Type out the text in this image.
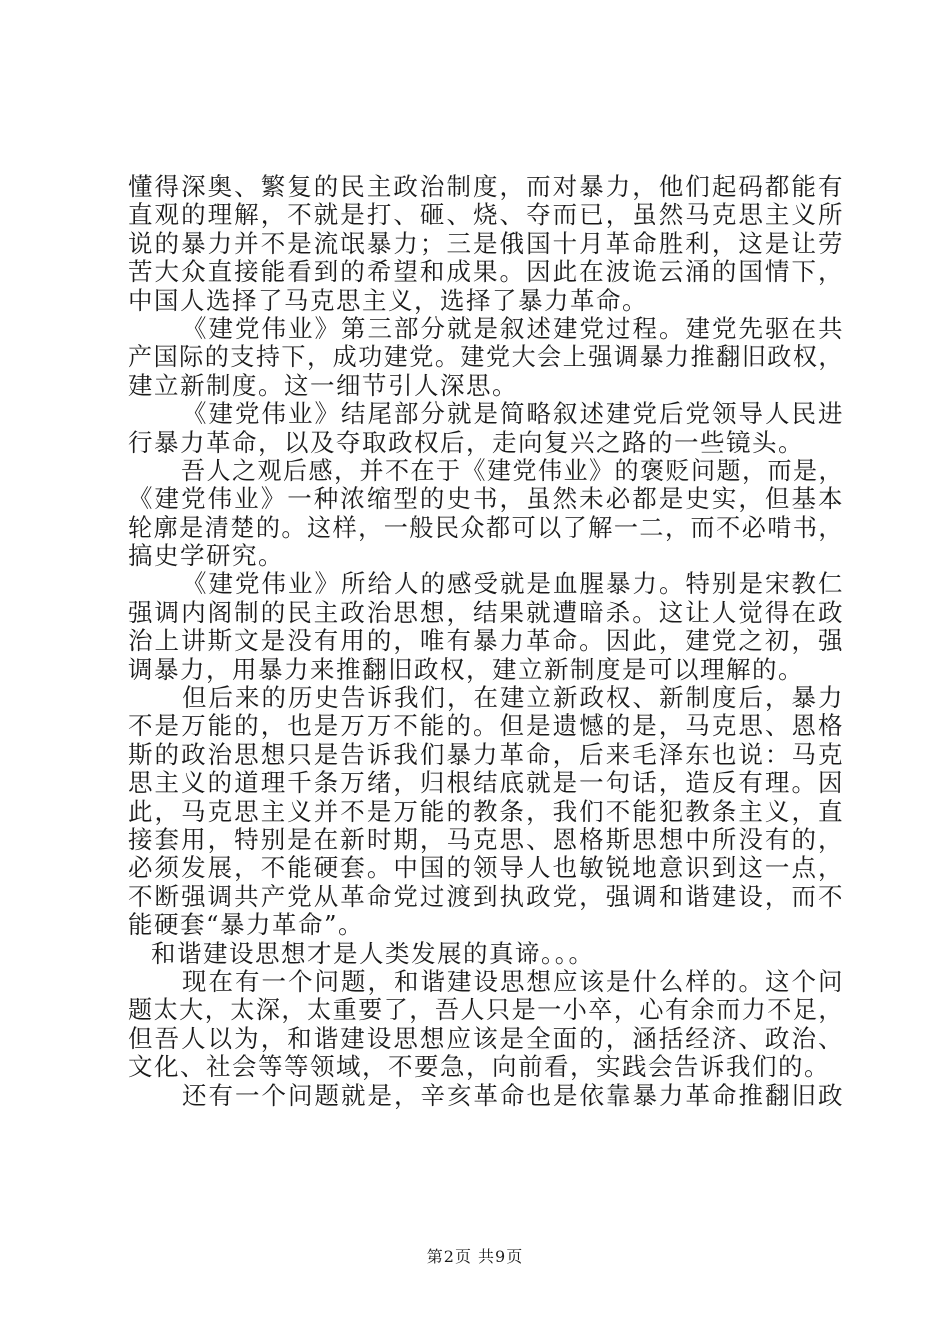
懂得深奥、繁复的民主政治制度，而对暴力，他们起码都能有
直观的理解，不就是打、砸、烧、夺而已，虽然马克思主义所
说的暴力并不是流氓暴力；三是俄国十月革命胜利，这是让劳
苦大众直接能看到的希望和成果。因此在波诡云涌的国情下，
中国人选择了马克思主义，选择了暴力革命。
《建党伟业》第三部分就是叙述建党过程。建党先驱在共
产国际的支持下，成功建党。建党大会上强调暴力推翻旧政权，
建立新制度。这一细节引人深思。
《建党伟业》结尾部分就是简略叙述建党后党领导人民进
行暴力革命，以及夺取政权后，走向复兴之路的一些镜头。
吾人之观后感，并不在于《建党伟业》的褒贬问题，而是，
《建党伟业》一种浓缩型的史书，虽然未必都是史实，但基本
轮廓是清楚的。这样，一般民众都可以了解一二，而不必啃书，
搞史学研究。
《建党伟业》所给人的感受就是血腥暴力。特别是宋教仁
强调内阁制的民主政治思想，结果就遭暗杀。这让人觉得在政
治上讲斯文是没有用的，唯有暴力革命。因此，建党之初，强
调暴力，用暴力来推翻旧政权，建立新制度是可以理解的。
但后来的历史告诉我们，在建立新政权、新制度后，暴力
不是万能的，也是万万不能的。但是遗憾的是，马克思、恩格
斯的政治思想只是告诉我们暴力革命，后来毛泽东也说：马克
思主义的道理千条万绪，归根结底就是一句话，造反有理。因
此，马克思主义并不是万能的教条，我们不能犯教条主义，直
接套用，特别是在新时期，马克思、恩格斯思想中所没有的，
必须发展，不能硬套。中国的领导人也敏锐地意识到这一点，
不断强调共产党从革命党过渡到执政党，强调和谐建设，而不
能硬套“暴力革命”。
和谐建设思想才是人类发展的真谛。。。
现在有一个问题，和谐建设思想应该是什么样的。这个问
题太大，太深，太重要了，吾人只是一小卒，心有余而力不足，
但吾人以为，和谐建设思想应该是全面的，涵括经济、政治、
文化、社会等等领域，不要急，向前看，实践会告诉我们的。
还有一个问题就是，辛亥革命也是依靠暴力革命推翻旧政
第2页 共9页
